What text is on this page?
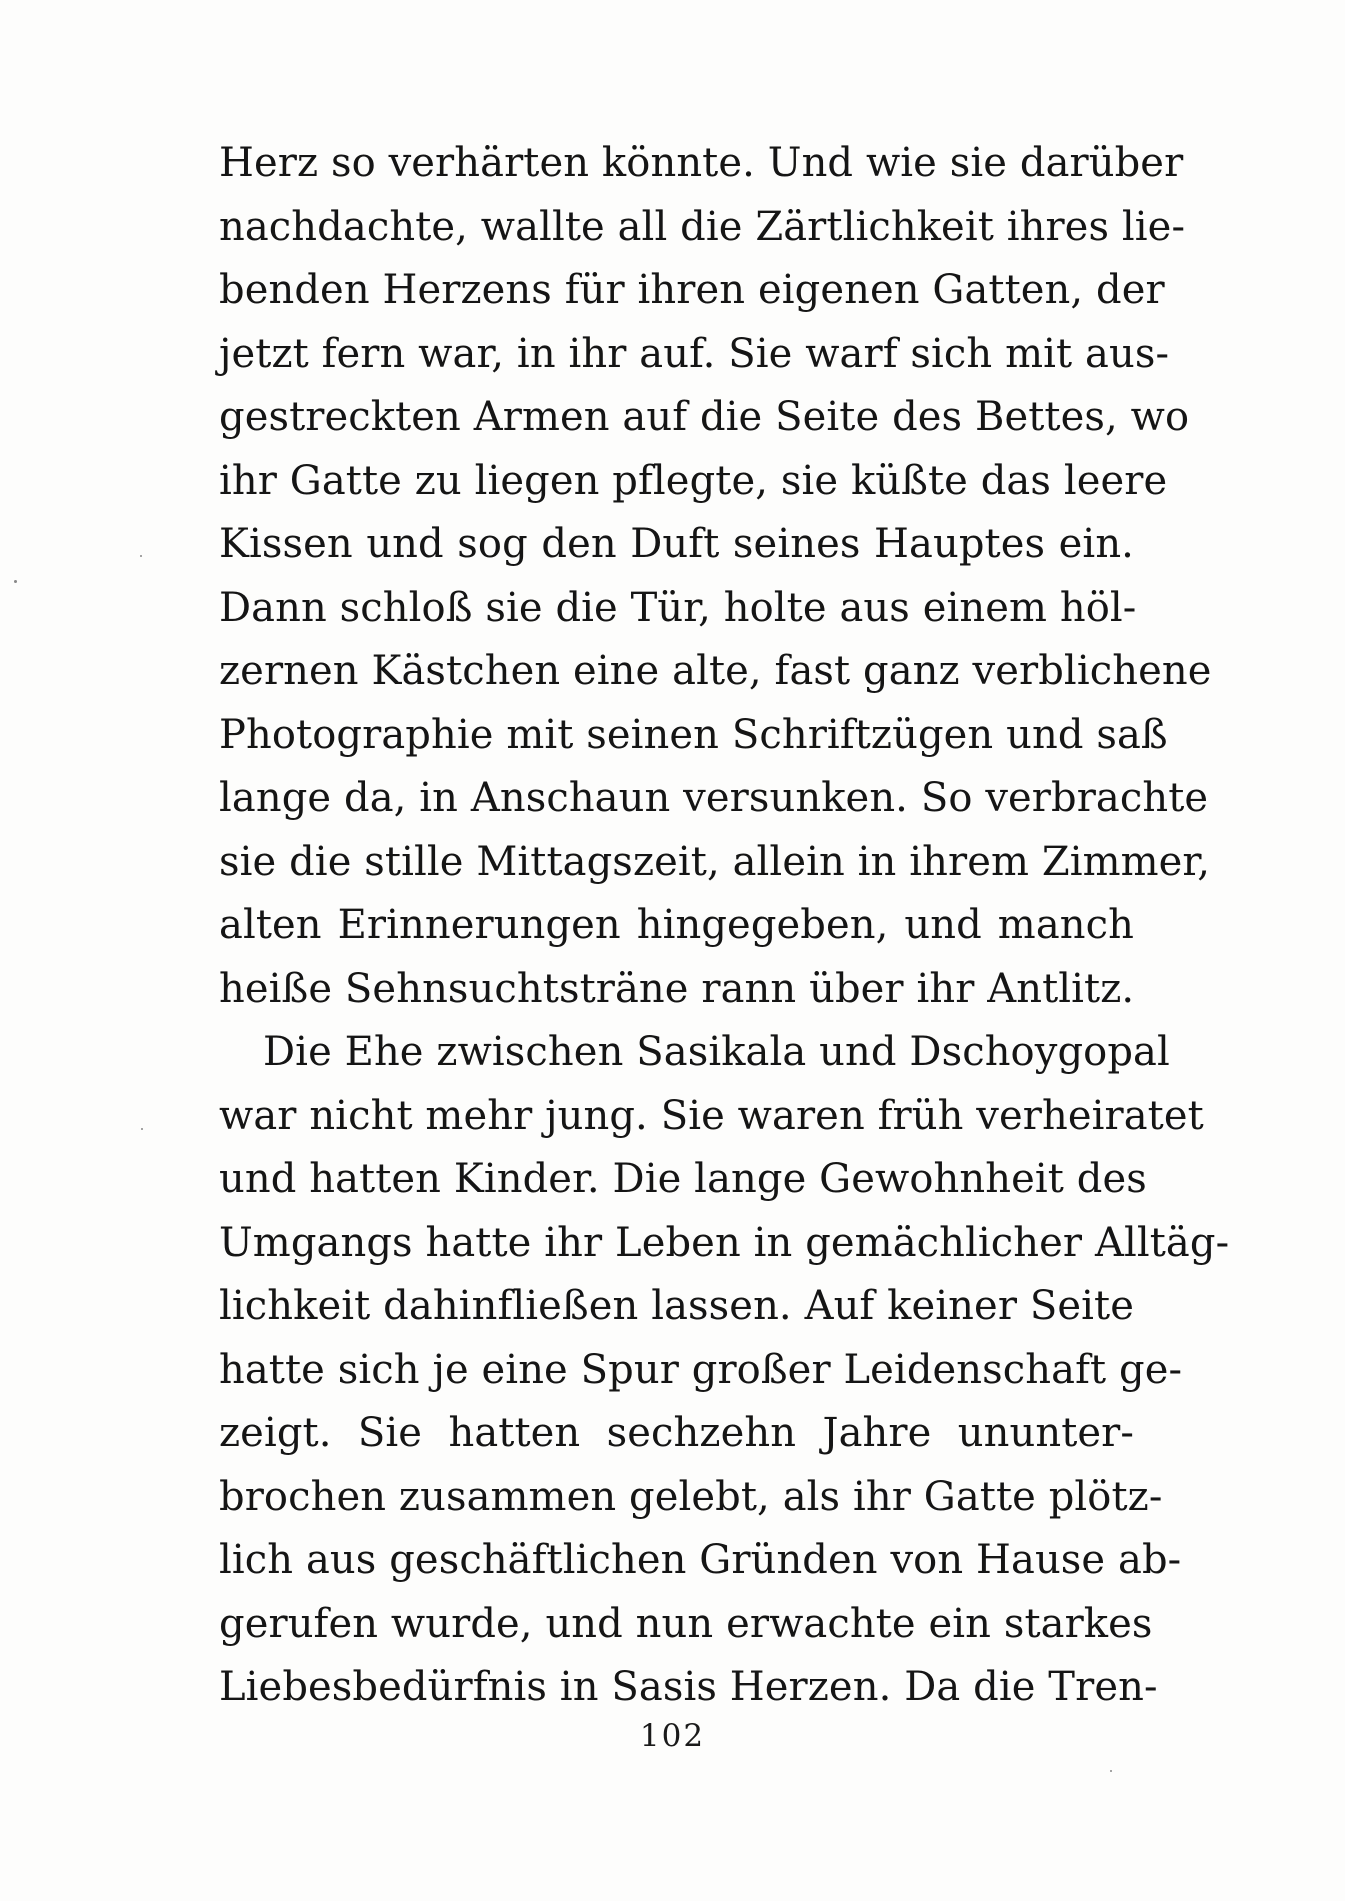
Herz so verhärten könnte. Und wie sie darüber
nachdachte, wallte all die Zärtlichkeit ihres lie-
benden Herzens für ihren eigenen Gatten, der
jetzt fern war, in ihr auf. Sie warf sich mit aus-
gestreckten Armen auf die Seite des Bettes, wo
ihr Gatte zu liegen pflegte, sie küßte das leere
Kissen und sog den Duft seines Hauptes ein.
Dann schloß sie die Tür, holte aus einem höl-
zernen Kästchen eine alte, fast ganz verblichene
Photographie mit seinen Schriftzügen und saß
lange da, in Anschaun versunken. So verbrachte
sie die stille Mittagszeit, allein in ihrem Zimmer,
alten Erinnerungen hingegeben, und manch
heiße Sehnsuchtsträne rann über ihr Antlitz.
Die Ehe zwischen Sasikala und Dschoygopal
war nicht mehr jung. Sie waren früh verheiratet
und hatten Kinder. Die lange Gewohnheit des
Umgangs hatte ihr Leben in gemächlicher Alltäg-
lichkeit dahinfließen lassen. Auf keiner Seite
hatte sich je eine Spur großer Leidenschaft ge-
zeigt. Sie hatten sechzehn Jahre ununter-
brochen zusammen gelebt, als ihr Gatte plötz-
lich aus geschäftlichen Gründen von Hause ab-
gerufen wurde, und nun erwachte ein starkes
Liebesbedürfnis in Sasis Herzen. Da die Tren-
102
